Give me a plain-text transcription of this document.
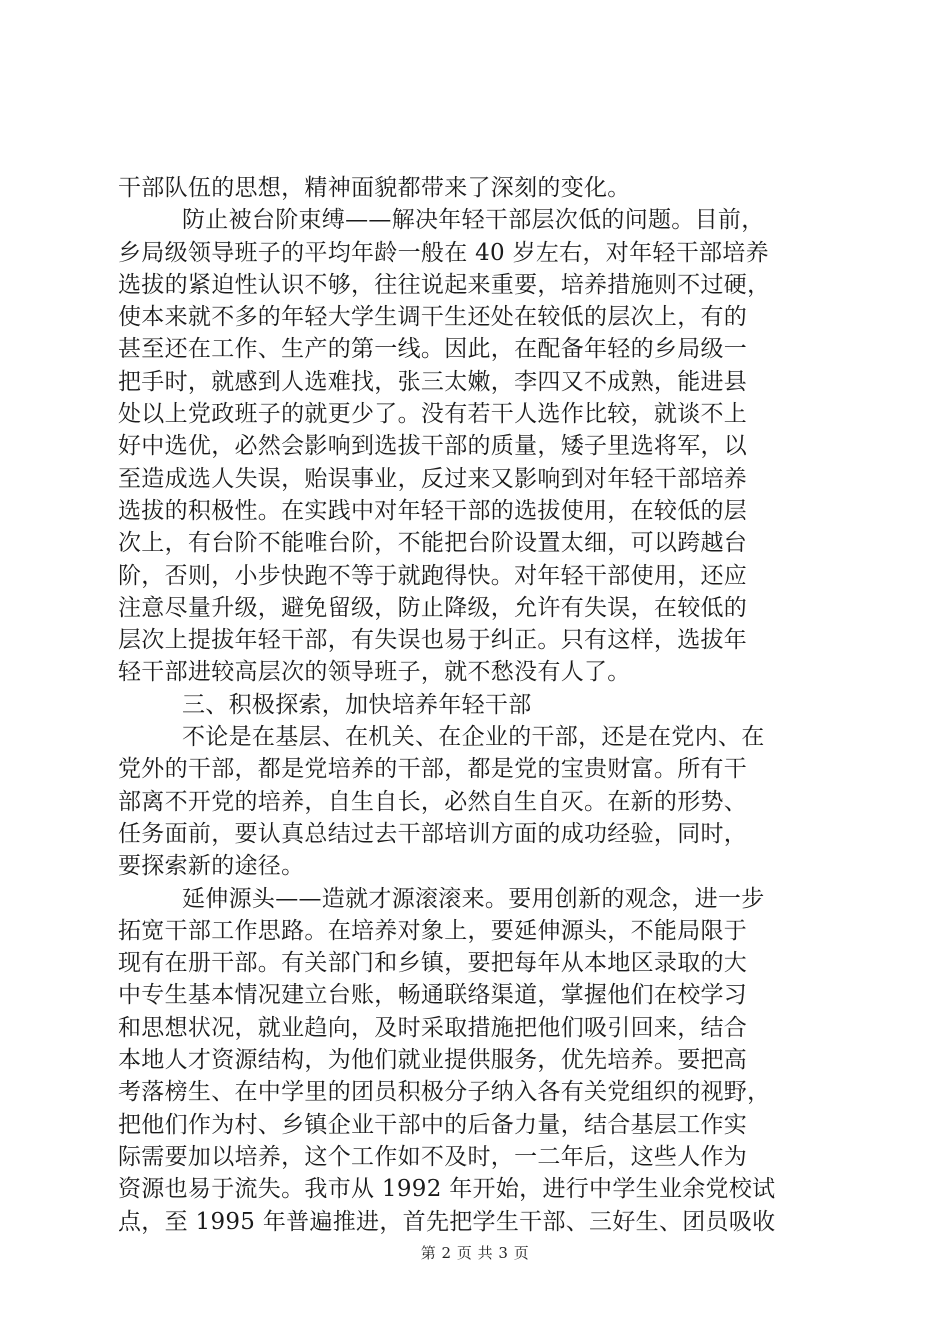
干部队伍的思想，精神面貌都带来了深刻的变化。
防止被台阶束缚——解决年轻干部层次低的问题。目前，
乡局级领导班子的平均年龄一般在 40 岁左右，对年轻干部培养
选拔的紧迫性认识不够，往往说起来重要，培养措施则不过硬，
使本来就不多的年轻大学生调干生还处在较低的层次上，有的
甚至还在工作、生产的第一线。因此，在配备年轻的乡局级一
把手时，就感到人选难找，张三太嫩，李四又不成熟，能进县
处以上党政班子的就更少了。没有若干人选作比较，就谈不上
好中选优，必然会影响到选拔干部的质量，矮子里选将军，以
至造成选人失误，贻误事业，反过来又影响到对年轻干部培养
选拔的积极性。在实践中对年轻干部的选拔使用，在较低的层
次上，有台阶不能唯台阶，不能把台阶设置太细，可以跨越台
阶，否则，小步快跑不等于就跑得快。对年轻干部使用，还应
注意尽量升级，避免留级，防止降级，允许有失误，在较低的
层次上提拔年轻干部，有失误也易于纠正。只有这样，选拔年
轻干部进较高层次的领导班子，就不愁没有人了。
三、积极探索，加快培养年轻干部
不论是在基层、在机关、在企业的干部，还是在党内、在
党外的干部，都是党培养的干部，都是党的宝贵财富。所有干
部离不开党的培养，自生自长，必然自生自灭。在新的形势、
任务面前，要认真总结过去干部培训方面的成功经验，同时，
要探索新的途径。
延伸源头——造就才源滚滚来。要用创新的观念，进一步
拓宽干部工作思路。在培养对象上，要延伸源头，不能局限于
现有在册干部。有关部门和乡镇，要把每年从本地区录取的大
中专生基本情况建立台账，畅通联络渠道，掌握他们在校学习
和思想状况，就业趋向，及时采取措施把他们吸引回来，结合
本地人才资源结构，为他们就业提供服务，优先培养。要把高
考落榜生、在中学里的团员积极分子纳入各有关党组织的视野，
把他们作为村、乡镇企业干部中的后备力量，结合基层工作实
际需要加以培养，这个工作如不及时，一二年后，这些人作为
资源也易于流失。我市从 1992 年开始，进行中学生业余党校试
点，至 1995 年普遍推进，首先把学生干部、三好生、团员吸收
第 2 页 共 3 页
